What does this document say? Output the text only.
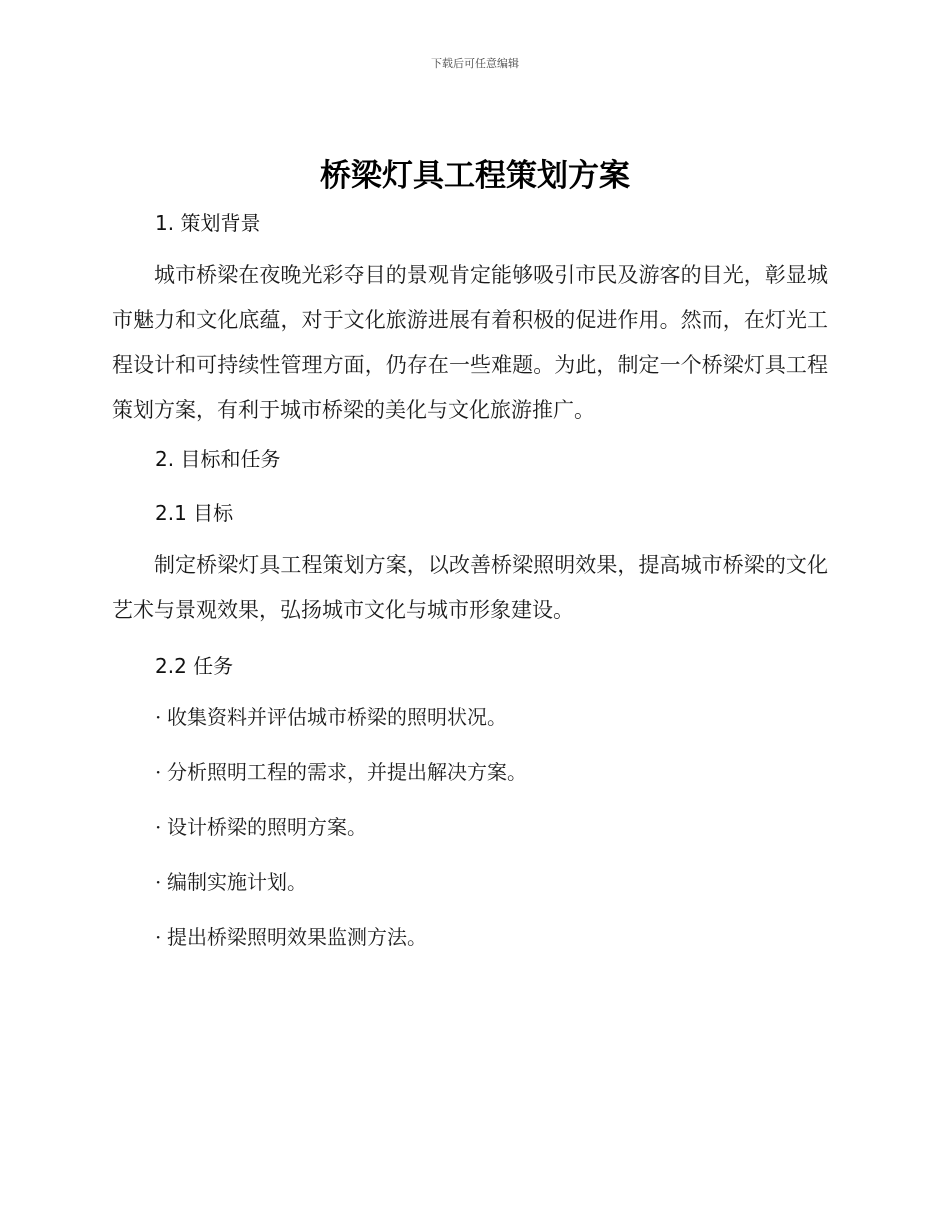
下载后可任意编辑
桥梁灯具工程策划方案
1. 策划背景

城市桥梁在夜晚光彩夺目的景观肯定能够吸引市民及游客的目光，彰显城市魅力和文化底蕴，对于文化旅游进展有着积极的促进作用。然而，在灯光工程设计和可持续性管理方面，仍存在一些难题。为此，制定一个桥梁灯具工程策划方案，有利于城市桥梁的美化与文化旅游推广。

2. 目标和任务
2.1 目标

制定桥梁灯具工程策划方案，以改善桥梁照明效果，提高城市桥梁的文化艺术与景观效果，弘扬城市文化与城市形象建设。

2.2 任务
· 收集资料并评估城市桥梁的照明状况。
· 分析照明工程的需求，并提出解决方案。
· 设计桥梁的照明方案。
· 编制实施计划。
· 提出桥梁照明效果监测方法。
